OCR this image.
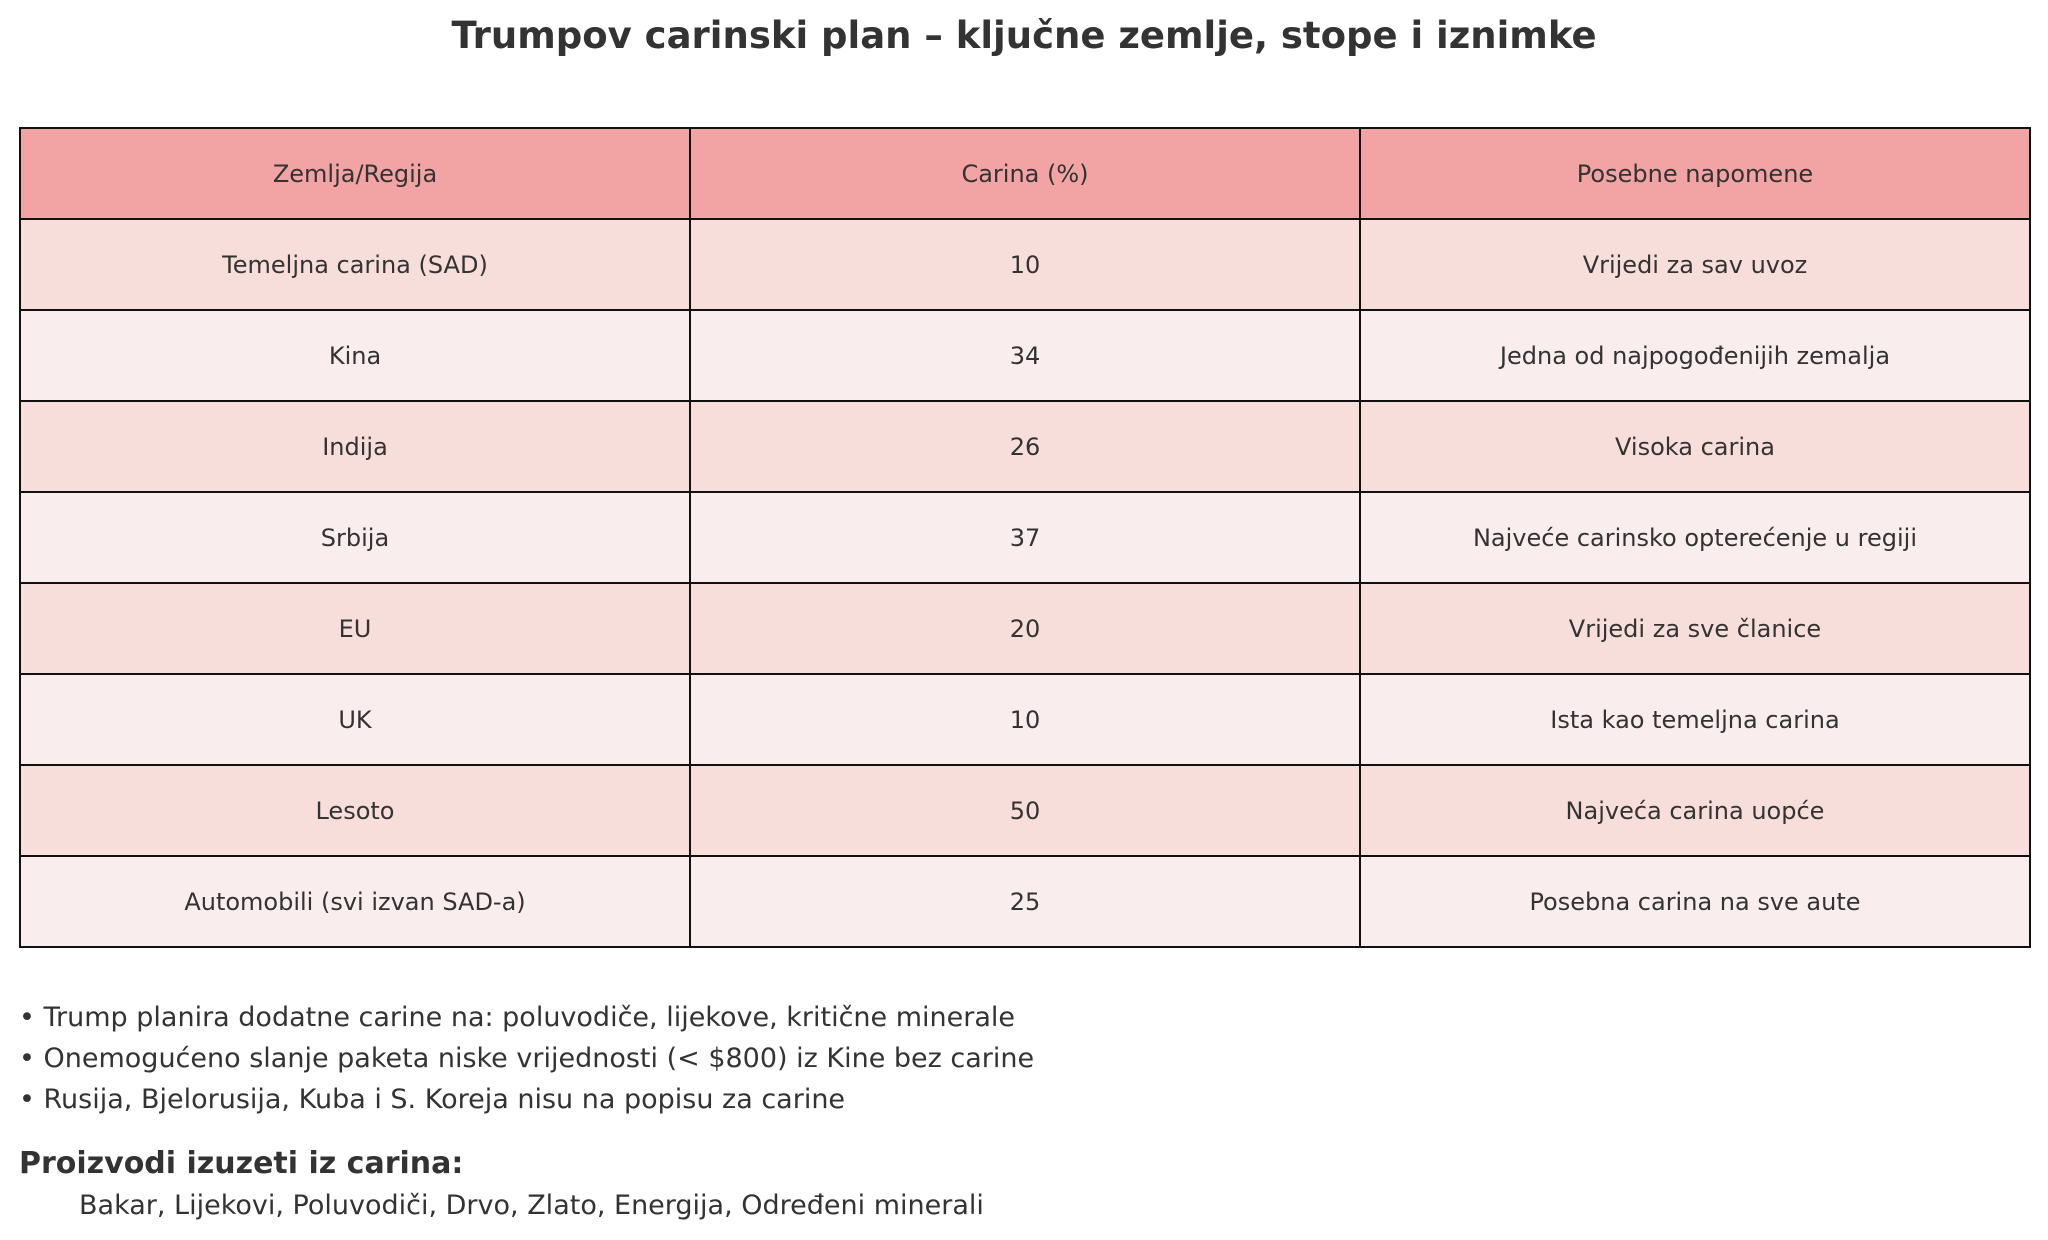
Trumpov carinski plan – ključne zemlje, stope i iznimke
Zemlja/Regija	Carina (%)	Posebne napomene
Temeljna carina (SAD)	10	Vrijedi za sav uvoz
Kina	34	Jedna od najpogođenijih zemalja
Indija	26	Visoka carina
Srbija	37	Najveće carinsko opterećenje u regiji
EU	20	Vrijedi za sve članice
UK	10	Ista kao temeljna carina
Lesoto	50	Najveća carina uopće
Automobili (svi izvan SAD-a)	25	Posebna carina na sve aute
• Trump planira dodatne carine na: poluvodiče, lijekove, kritične minerale
• Onemogućeno slanje paketa niske vrijednosti (< $800) iz Kine bez carine
• Rusija, Bjelorusija, Kuba i S. Koreja nisu na popisu za carine
Proizvodi izuzeti iz carina:
Bakar, Lijekovi, Poluvodiči, Drvo, Zlato, Energija, Određeni minerali
